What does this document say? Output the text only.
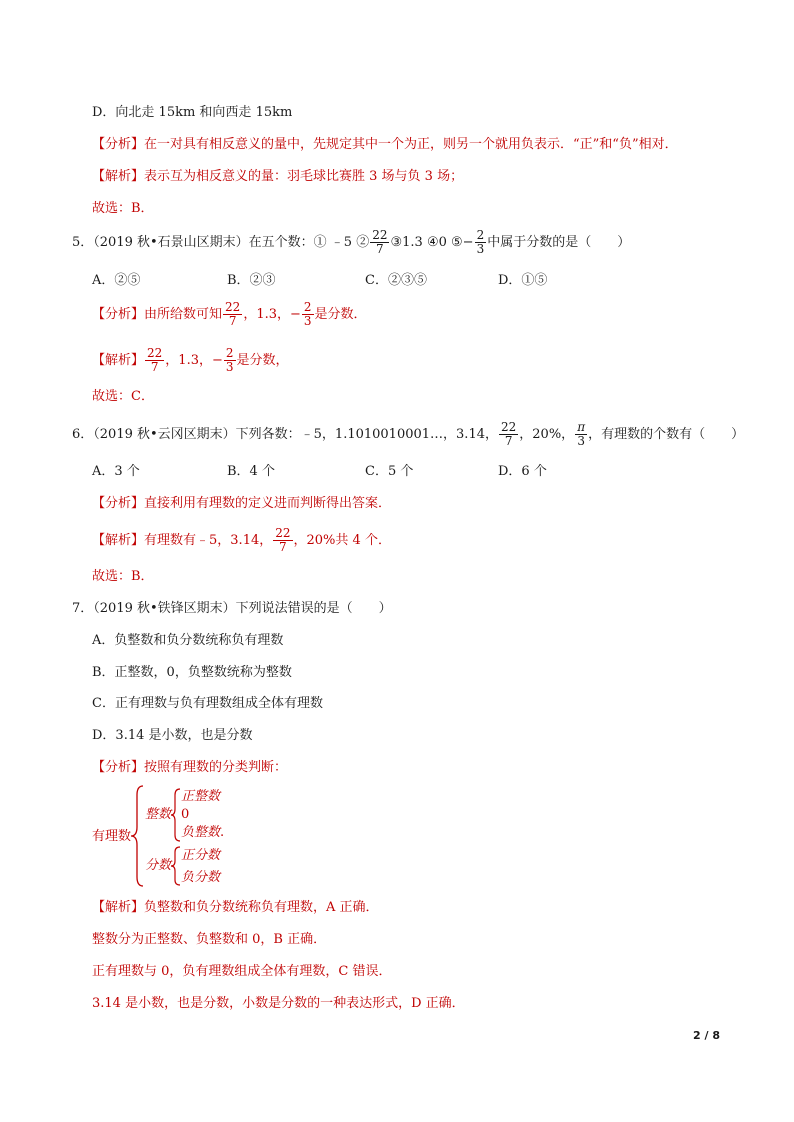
D．向北走 15km 和向西走 15km
【分析】在一对具有相反意义的量中，先规定其中一个为正，则另一个就用负表示．“正”和“负”相对．
【解析】表示互为相反意义的量：羽毛球比赛胜 3 场与负 3 场；
故选：B．
5．（2019 秋•石景山区期末）在五个数：① ﹣5 ② $\frac{22}{7}$ ③1.3 ④0 ⑤− $\frac{2}{3}$ 中属于分数的是（　　）
A．②⑤	B．②③	C．②③⑤	D．①⑤
【分析】由所给数可知 $\frac{22}{7}$ ，1.3，− $\frac{2}{3}$ 是分数．
【解析】 $\frac{22}{7}$ ，1.3，− $\frac{2}{3}$ 是分数，
故选：C．
6．（2019 秋•云冈区期末）下列各数：﹣5，1.1010010001…，3.14， $\frac{22}{7}$ ，20%， $\frac{\pi}{3}$ ，有理数的个数有（　　）
A．3 个	B．4 个	C．5 个	D．6 个
【分析】直接利用有理数的定义进而判断得出答案．
【解析】有理数有﹣5，3.14， $\frac{22}{7}$ ，20%共 4 个．
故选：B．
7．（2019 秋•铁锋区期末）下列说法错误的是（　　）
A．负整数和负分数统称负有理数
B．正整数，0，负整数统称为整数
C．正有理数与负有理数组成全体有理数
D．3.14 是小数，也是分数
【分析】按照有理数的分类判断：
有理数
整数
正整数
0
负整数.
分数
正分数
负分数
【解析】负整数和负分数统称负有理数，A 正确．
整数分为正整数、负整数和 0，B 正确．
正有理数与 0，负有理数组成全体有理数，C 错误．
3.14 是小数，也是分数，小数是分数的一种表达形式，D 正确．
2 / 8
